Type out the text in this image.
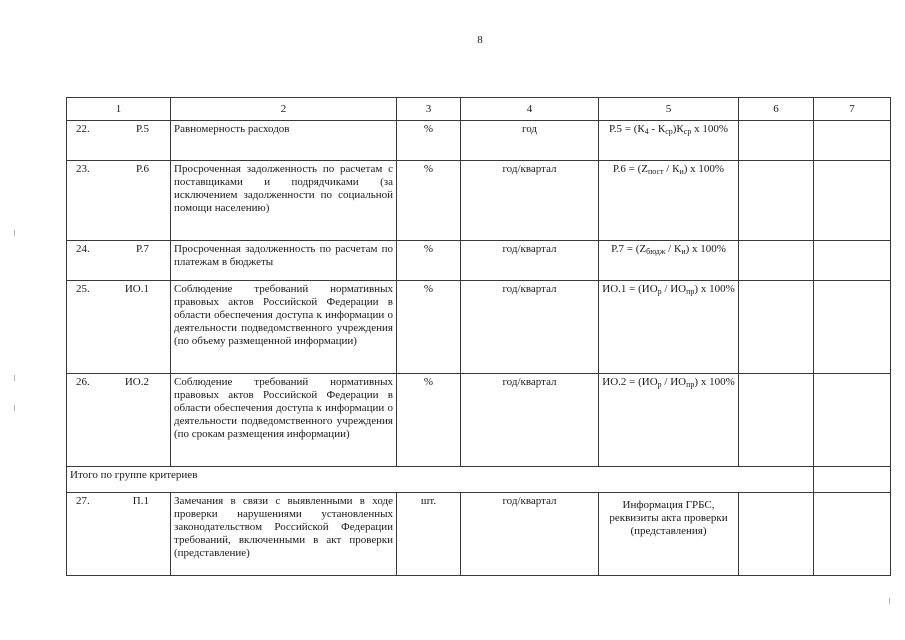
8
1	2	3	4	5	6	7

22. Р.5	Равномерность расходов	%	год	$Р.5 = (К_4 - К_{ср})К_{ср}$ x 100%		

23. Р.6	Просроченная задолженность по расчетам с поставщиками и подрядчиками (за исключением задолженности по социальной помощи населению)	%	год/квартал	$Р.6 = (Z_{пост} / К_и)$ x 100%		

24. Р.7	Просроченная задолженность по расчетам по платежам в бюджеты	%	год/квартал	$Р.7 = (Z_{бюдж} / К_и)$ x 100%		

25. ИО.1	Соблюдение требований нормативных правовых актов Российской Федерации в области обеспечения доступа к информации о деятельности подведомственного учреждения (по объему размещенной информации)	%	год/квартал	$ИО.1 = (ИО_р / ИО_{пр})$ x 100%		

26. ИО.2	Соблюдение требований нормативных правовых актов Российской Федерации в области обеспечения доступа к информации о деятельности подведомственного учреждения (по срокам размещения информации)	%	год/квартал	$ИО.2 = (ИО_р / ИО_{пр})$ x 100%		
Итого по группе критериев						

27. П.1	Замечания в связи с выявленными в ходе проверки нарушениями установленных законодательством Российской Федерации требований, включенными в акт проверки (представление)	шт.	год/квартал	Информация ГРБС, реквизиты акта проверки (представления)		
